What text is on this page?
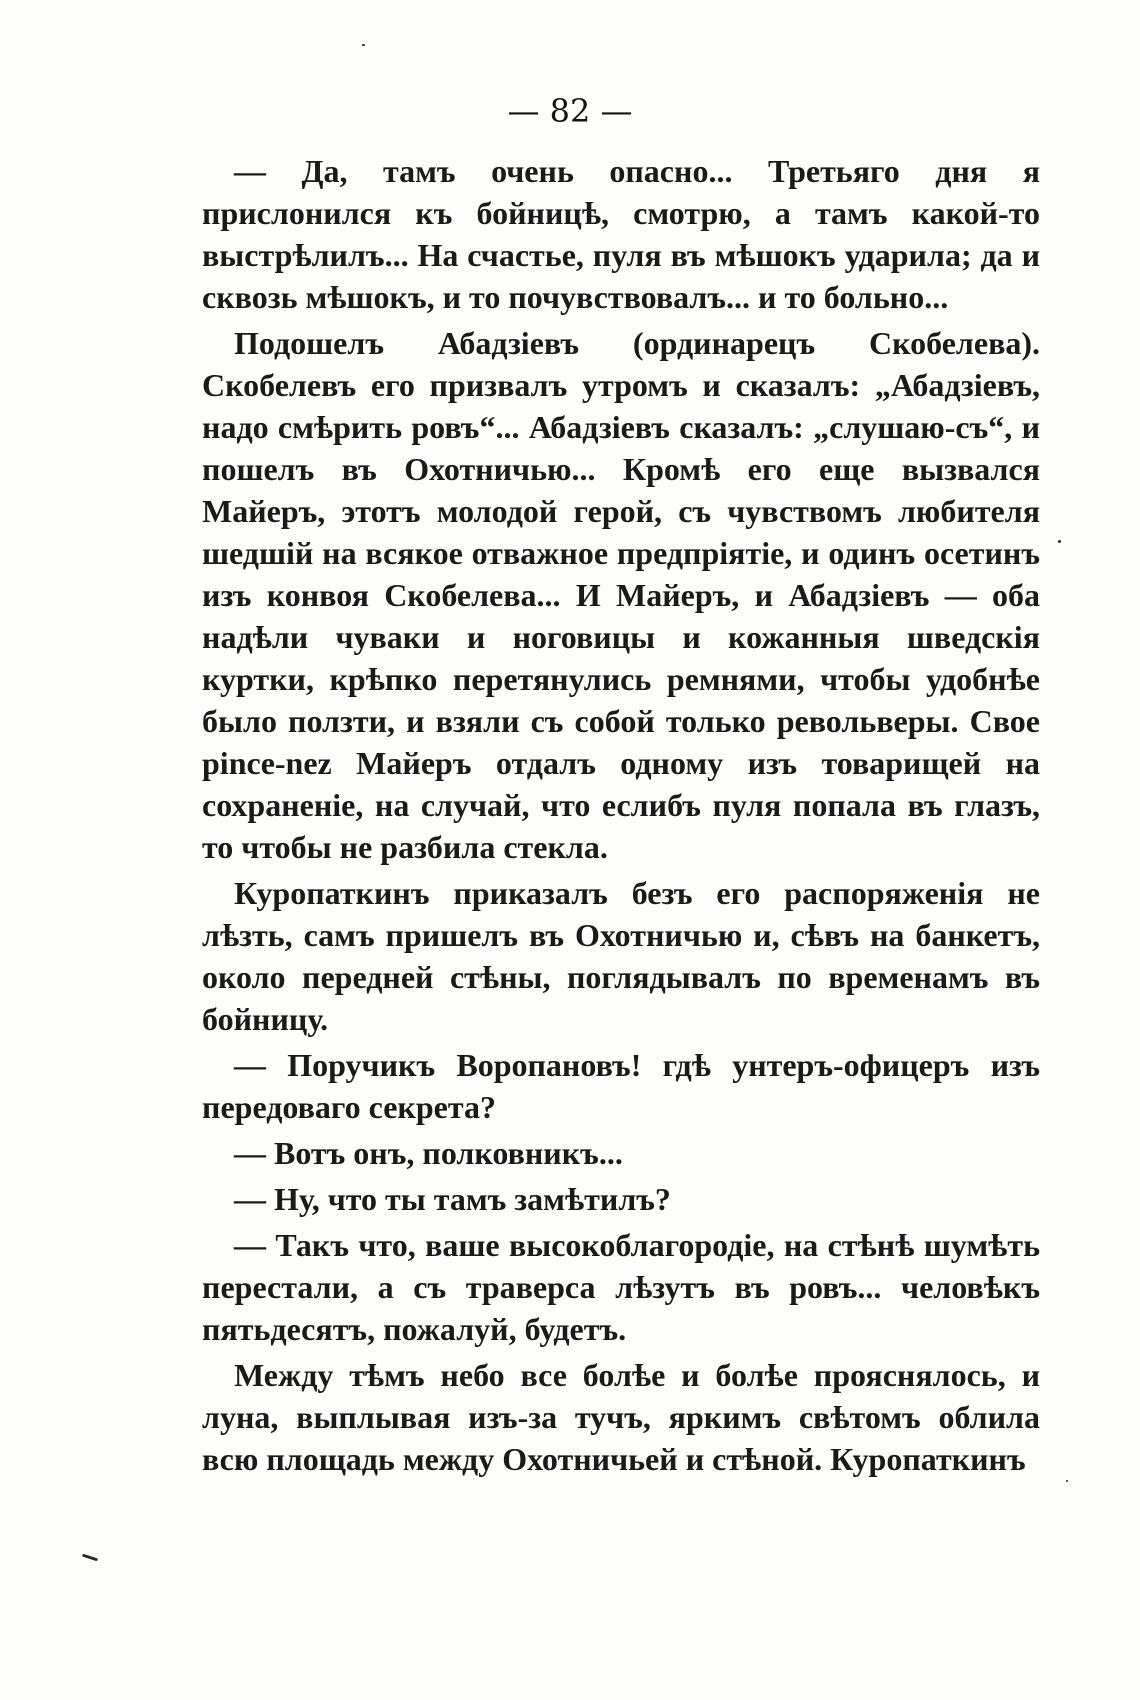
— 82 —

— Да, тамъ очень опасно... Третьяго дня я прислонился къ бойницѣ, смотрю, а тамъ какой-то выстрѣлилъ... На счастье, пуля въ мѣшокъ ударила; да и сквозь мѣшокъ, и то почувствовалъ... и то больно...

Подошелъ Абадзіевъ (ординарецъ Скобелева). Скобелевъ его призвалъ утромъ и сказалъ: „Абадзіевъ, надо смѣрить ровъ“... Абадзіевъ сказалъ: „слушаю-съ“, и пошелъ въ Охотничью... Кромѣ его еще вызвался Майеръ, этотъ молодой герой, съ чувствомъ любителя шедшій на всякое отважное предпріятіе, и одинъ осетинъ изъ конвоя Скобелева... И Майеръ, и Абадзіевъ — оба надѣли чуваки и ноговицы и кожанныя шведскія куртки, крѣпко перетянулись ремнями, чтобы удобнѣе было ползти, и взяли съ собой только револьверы. Свое pince-nez Майеръ отдалъ одному изъ товарищей на сохраненіе, на случай, что еслибъ пуля попала въ глазъ, то чтобы не разбила стекла.

Куропаткинъ приказалъ безъ его распоряженія не лѣзть, самъ пришелъ въ Охотничью и, сѣвъ на банкетъ, около передней стѣны, поглядывалъ по временамъ въ бойницу.

— Поручикъ Воропановъ! гдѣ унтеръ-офицеръ изъ передоваго секрета?

— Вотъ онъ, полковникъ...

— Ну, что ты тамъ замѣтилъ?

— Такъ что, ваше высокоблагородіе, на стѣнѣ шумѣть перестали, а съ траверса лѣзутъ въ ровъ... человѣкъ пятьдесятъ, пожалуй, будетъ.

Между тѣмъ небо все болѣе и болѣе прояснялось, и луна, выплывая изъ-за тучъ, яркимъ свѣтомъ облила всю площадь между Охотничьей и стѣной. Куропаткинъ
